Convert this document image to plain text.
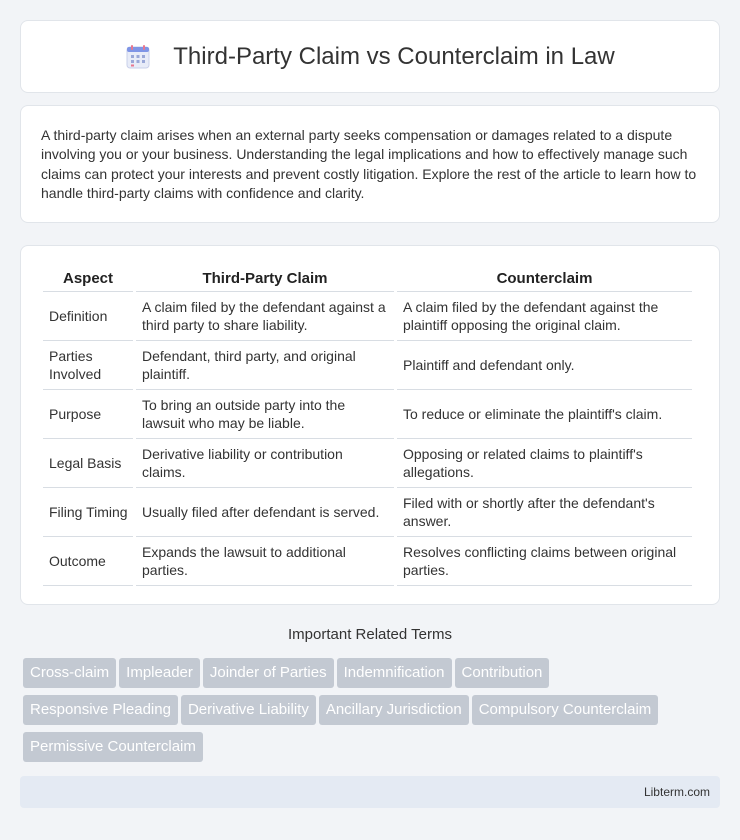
Third-Party Claim vs Counterclaim in Law

A third-party claim arises when an external party seeks compensation or damages related to a dispute involving you or your business. Understanding the legal implications and how to effectively manage such claims can protect your interests and prevent costly litigation. Explore the rest of the article to learn how to handle third-party claims with confidence and clarity.

Aspect	Third-Party Claim	Counterclaim
Definition	A claim filed by the defendant against a third party to share liability.	A claim filed by the defendant against the plaintiff opposing the original claim.
Parties Involved	Defendant, third party, and original plaintiff.	Plaintiff and defendant only.
Purpose	To bring an outside party into the lawsuit who may be liable.	To reduce or eliminate the plaintiff's claim.
Legal Basis	Derivative liability or contribution claims.	Opposing or related claims to plaintiff's allegations.
Filing Timing	Usually filed after defendant is served.	Filed with or shortly after the defendant's answer.
Outcome	Expands the lawsuit to additional parties.	Resolves conflicting claims between original parties.
Important Related Terms
Cross-claim Impleader Joinder of Parties Indemnification Contribution
Responsive Pleading Derivative Liability Ancillary Jurisdiction Compulsory Counterclaim
Permissive Counterclaim
Libterm.com
